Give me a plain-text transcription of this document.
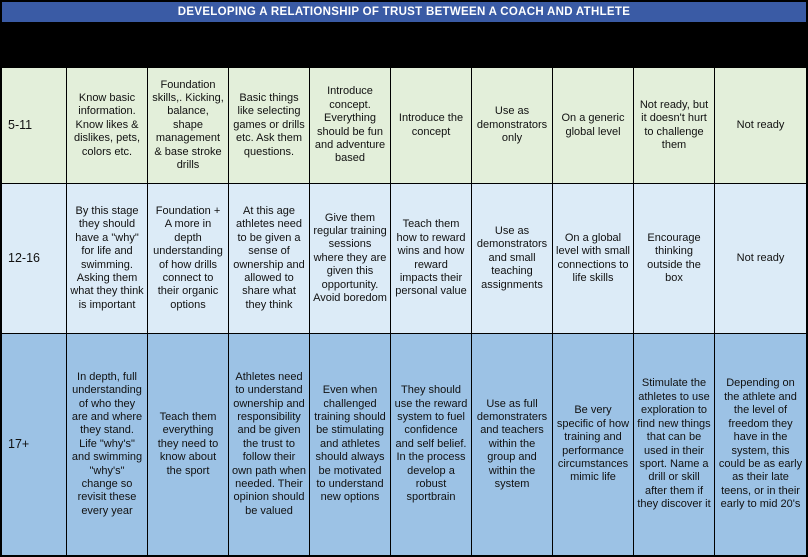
DEVELOPING A RELATIONSHIP OF TRUST BETWEEN A COACH AND ATHLETE
5-11
Know basic information. Know likes & dislikes, pets, colors etc.
Foundation skills,. Kicking, balance, shape management & base stroke drills
Basic things like selecting games or drills etc. Ask them questions.
Introduce concept. Everything should be fun and adventure based
Introduce the concept
Use as demonstrators only
On a generic global level
Not ready, but it doesn't hurt to challenge them
Not ready
12-16
By this stage they should have a "why" for life and swimming. Asking them what they think is important
Foundation + A more in depth understanding of how drills connect to their organic options
At this age athletes need to be given a sense of ownership and allowed to share what they think
Give them regular training sessions where they are given this opportunity. Avoid boredom
Teach them how to reward wins and how reward impacts their personal value
Use as demonstrators and small teaching assignments
On a global level with small connections to life skills
Encourage thinking outside the box
Not ready
17+
In depth, full understanding of who they are and where they stand. Life "why's" and swimming "why's" change so revisit these every year
Teach them everything they need to know about the sport
Athletes need to understand ownership and responsibility and be given the trust to follow their own path when needed. Their opinion should be valued
Even when challenged training should be stimulating and athletes should always be motivated to understand new options
They should use the reward system to fuel confidence and self belief. In the process develop a robust sportbrain
Use as full demonstraters and teachers within the group and within the system
Be very specific of how training and performance circumstances mimic life
Stimulate the athletes to use exploration to find new things that can be used in their sport. Name a drill or skill after them if they discover it
Depending on the athlete and the level of freedom they have in the system, this could be as early as their late teens, or in their early to mid 20's
